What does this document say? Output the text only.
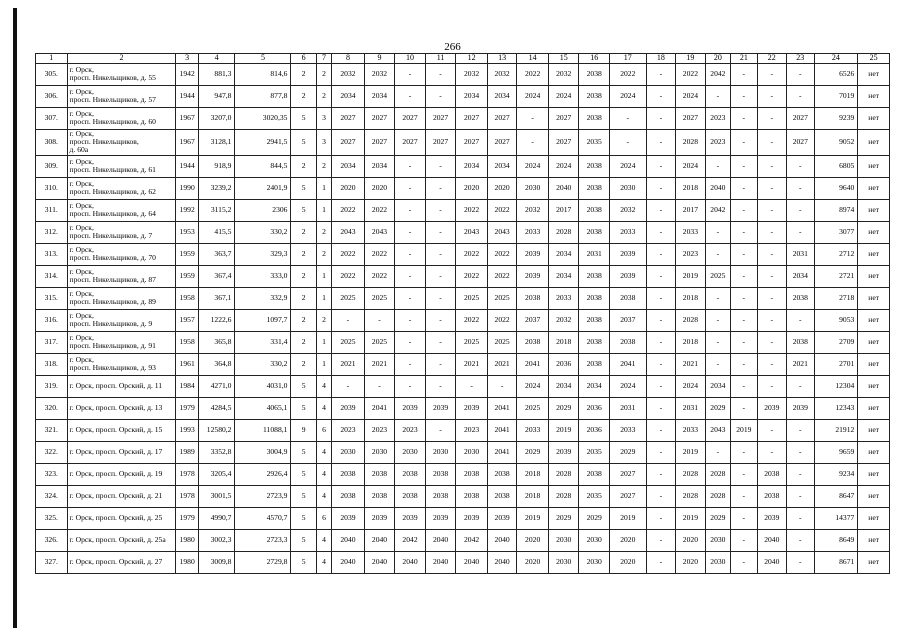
266
1	2	3	4	5	6	7	8	9	10	11	12	13	14	15	16	17	18	19	20	21	22	23	24	25
305.	г. Орск,
просп. Никельщиков, д. 55	1942	881,3	814,6	2	2	2032	2032	-	-	2032	2032	2022	2032	2038	2022	-	2022	2042	-	-	-	6526	нет
306.	г. Орск,
просп. Никельщиков, д. 57	1944	947,8	877,8	2	2	2034	2034	-	-	2034	2034	2024	2024	2038	2024	-	2024	-	-	-	-	7019	нет
307.	г. Орск,
просп. Никельщиков, д. 60	1967	3207,0	3020,35	5	3	2027	2027	2027	2027	2027	2027	-	2027	2038	-	-	2027	2023	-	-	2027	9239	нет
308.	г. Орск,
просп. Никельщиков,
д. 60а	1967	3128,1	2941,5	5	3	2027	2027	2027	2027	2027	2027	-	2027	2035	-	-	2028	2023	-	-	2027	9052	нет
309.	г. Орск,
просп. Никельщиков, д. 61	1944	918,9	844,5	2	2	2034	2034	-	-	2034	2034	2024	2024	2038	2024	-	2024	-	-	-	-	6805	нет
310.	г. Орск,
просп. Никельщиков, д. 62	1990	3239,2	2401,9	5	1	2020	2020	-	-	2020	2020	2030	2040	2038	2030	-	2018	2040	-	-	-	9640	нет
311.	г. Орск,
просп. Никельщиков, д. 64	1992	3115,2	2306	5	1	2022	2022	-	-	2022	2022	2032	2017	2038	2032	-	2017	2042	-	-	-	8974	нет
312.	г. Орск,
просп. Никельщиков, д. 7	1953	415,5	330,2	2	2	2043	2043	-	-	2043	2043	2033	2028	2038	2033	-	2033	-	-	-	-	3077	нет
313.	г. Орск,
просп. Никельщиков, д. 70	1959	363,7	329,3	2	2	2022	2022	-	-	2022	2022	2039	2034	2031	2039	-	2023	-	-	-	2031	2712	нет
314.	г. Орск,
просп. Никельщиков, д. 87	1959	367,4	333,0	2	1	2022	2022	-	-	2022	2022	2039	2034	2038	2039	-	2019	2025	-	-	2034	2721	нет
315.	г. Орск,
просп. Никельщиков, д. 89	1958	367,1	332,9	2	1	2025	2025	-	-	2025	2025	2038	2033	2038	2038	-	2018	-	-	-	2038	2718	нет
316.	г. Орск,
просп. Никельщиков, д. 9	1957	1222,6	1097,7	2	2	-	-	-	-	2022	2022	2037	2032	2038	2037	-	2028	-	-	-	-	9053	нет
317.	г. Орск,
просп. Никельщиков, д. 91	1958	365,8	331,4	2	1	2025	2025	-	-	2025	2025	2038	2018	2038	2038	-	2018	-	-	-	2038	2709	нет
318.	г. Орск,
просп. Никельщиков, д. 93	1961	364,8	330,2	2	1	2021	2021	-	-	2021	2021	2041	2036	2038	2041	-	2021	-	-	-	2021	2701	нет
319.	г. Орск, просп. Орский, д. 11	1984	4271,0	4031,0	5	4	-	-	-	-	-	-	2024	2034	2034	2024	-	2024	2034	-	-	-	12304	нет
320.	г. Орск, просп. Орский, д. 13	1979	4284,5	4065,1	5	4	2039	2041	2039	2039	2039	2041	2025	2029	2036	2031	-	2031	2029	-	2039	2039	12343	нет
321.	г. Орск, просп. Орский, д. 15	1993	12580,2	11088,1	9	6	2023	2023	2023	-	2023	2041	2033	2019	2036	2033	-	2033	2043	2019	-	-	21912	нет
322.	г. Орск, просп. Орский, д. 17	1989	3352,8	3004,9	5	4	2030	2030	2030	2030	2030	2041	2029	2039	2035	2029	-	2019	-	-	-	-	9659	нет
323.	г. Орск, просп. Орский, д. 19	1978	3205,4	2926,4	5	4	2038	2038	2038	2038	2038	2038	2018	2028	2038	2027	-	2028	2028	-	2038	-	9234	нет
324.	г. Орск, просп. Орский, д. 21	1978	3001,5	2723,9	5	4	2038	2038	2038	2038	2038	2038	2018	2028	2035	2027	-	2028	2028	-	2038	-	8647	нет
325.	г. Орск, просп. Орский, д. 25	1979	4990,7	4570,7	5	6	2039	2039	2039	2039	2039	2039	2019	2029	2029	2019	-	2019	2029	-	2039	-	14377	нет
326.	г. Орск, просп. Орский, д. 25а	1980	3002,3	2723,3	5	4	2040	2040	2042	2040	2042	2040	2020	2030	2030	2020	-	2020	2030	-	2040	-	8649	нет
327.	г. Орск, просп. Орский, д. 27	1980	3009,8	2729,8	5	4	2040	2040	2040	2040	2040	2040	2020	2030	2030	2020	-	2020	2030	-	2040	-	8671	нет
